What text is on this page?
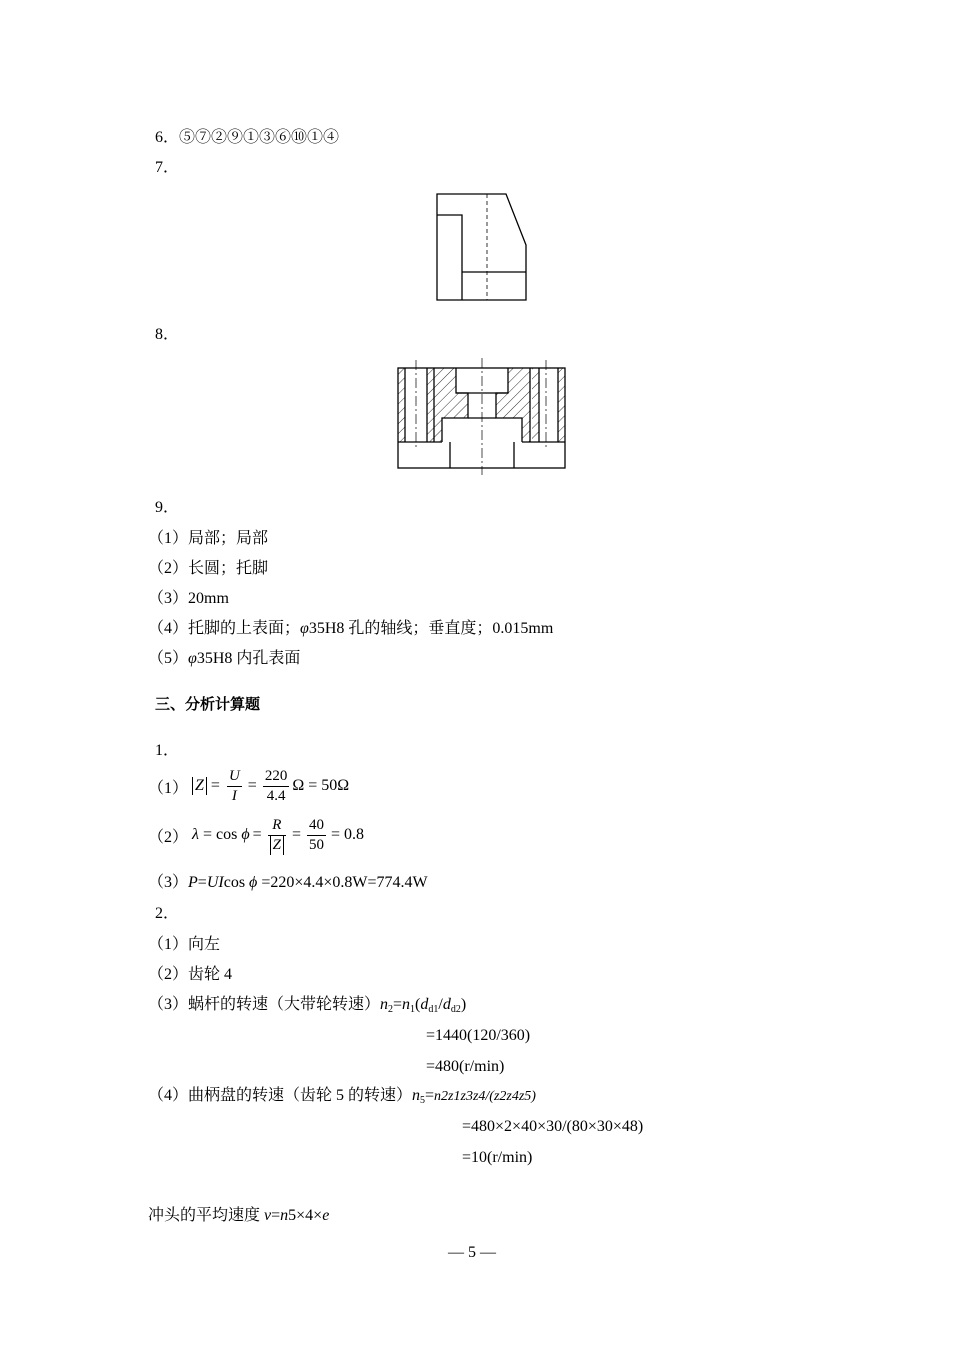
6．⑤⑦②⑨①③⑥⑩①④
7．
8．
9．
（1）局部；局部
（2）长圆；托脚
（3）20mm
（4）托脚的上表面；φ35H8 孔的轴线；垂直度；0.015mm
（5）φ35H8 内孔表面
三、分析计算题
1．
（1） $Z = \frac{U}{I} = \frac{220}{4.4}$ Ω = 50Ω
（2） $\lambda = \cos \phi = \frac{R}{Z} = \frac{40}{50} = 0.8$
（3）P=UIcos ϕ =220×4.4×0.8W=774.4W
2．
（1）向左
（2）齿轮 4
（3）蜗杆的转速（大带轮转速）$n_2=n_1(d_{d1}/d_{d2})$
=1440(120/360)
=480(r/min)
（4）曲柄盘的转速（齿轮 5 的转速）$n_5=n2z1z3z4/(z2z4z5)$
=480×2×40×30/(80×30×48)
=10(r/min)
冲头的平均速度 v=n5×4×e
— 5 —
